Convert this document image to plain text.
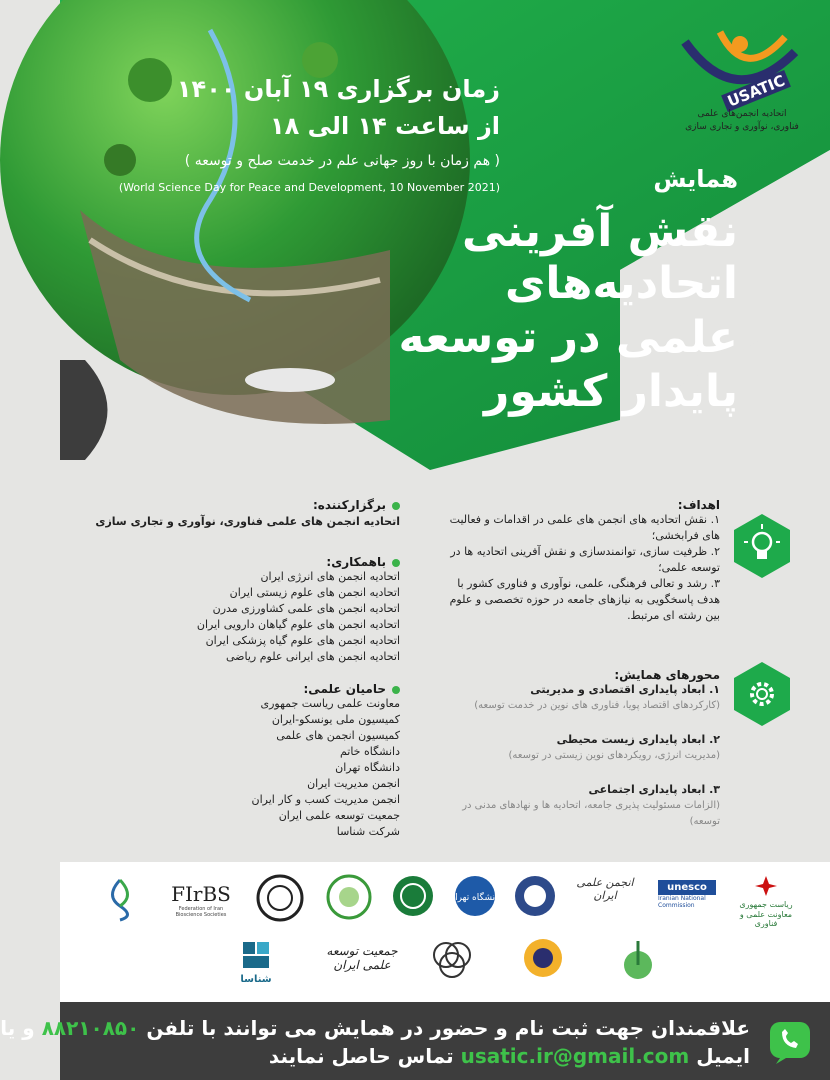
زمان برگزاری ۱۹ آبان ۱۴۰۰
از ساعت ۱۴ الی ۱۸
( هم زمان با روز جهانی علم در خدمت صلح و توسعه )
(World Science Day for Peace and Development, 10 November 2021)	همایش
نقش آفرینی
اتحادیه‌های
علمی در توسعه
پایدار کشور
USATIC
اتحادیه انجمن‌های علمی فناوری، نوآوری و تجاری سازی
برگزارکننده:
اتحادیه انجمن های علمی فناوری، نوآوری و تجاری سازی
باهمکاری:
اتحادیه انجمن های انرژی ایران
اتحادیه انجمن های علوم زیستی ایران
اتحادیه انجمن های علمی کشاورزی مدرن
اتحادیه انجمن های علوم گیاهان دارویی ایران
اتحادیه انجمن های علوم گیاه پزشکی ایران
اتحادیه انجمن های ایرانی علوم ریاضی
حامیان علمی:
معاونت علمی ریاست جمهوری
کمیسیون ملی یونسکو-ایران
کمیسیون انجمن های علمی
دانشگاه خاتم
دانشگاه تهران
انجمن مدیریت ایران
انجمن مدیریت کسب و کار ایران
جمعیت توسعه علمی ایران
شرکت شناسا
اهداف:
۱. نقش اتحادیه های انجمن های علمی در اقدامات و فعالیت های فرابخشی؛
۲. ظرفیت سازی، توانمندسازی و نقش آفرینی اتحادیه ها در توسعه علمی؛
۳. رشد و تعالی فرهنگی، علمی، نوآوری و فناوری کشور با هدف پاسخگویی به نیازهای جامعه در حوزه تخصصی و علوم بین رشته ای مرتبط.
محورهای همایش:
۱. ابعاد پایداری اقتصادی و مدیریتی
(کارکردهای اقتصاد پویا، فناوری های نوین در خدمت توسعه)
۲. ابعاد پایداری زیست محیطی
(مدیریت انرژی، رویکردهای نوین زیستی در توسعه)
۳. ابعاد پایداری اجتماعی
(الزامات مسئولیت پذیری جامعه، اتحادیه ها و نهادهای مدنی در توسعه)
ریاست جمهوری معاونت علمی و فناوری
unesco
Iranian National Commission
انجمن علمی ایران
دانشگاه تهران
FIrBS
Federation of Iran Bioscience Societies
جمعیت توسعه علمی ایران
شناسا
علاقمندان جهت ثبت نام و حضور در همایش می توانند با تلفن ۸۸۲۱۰۸۵۰ و یا
ایمیل usatic.ir@gmail.com تماس حاصل نمایند
